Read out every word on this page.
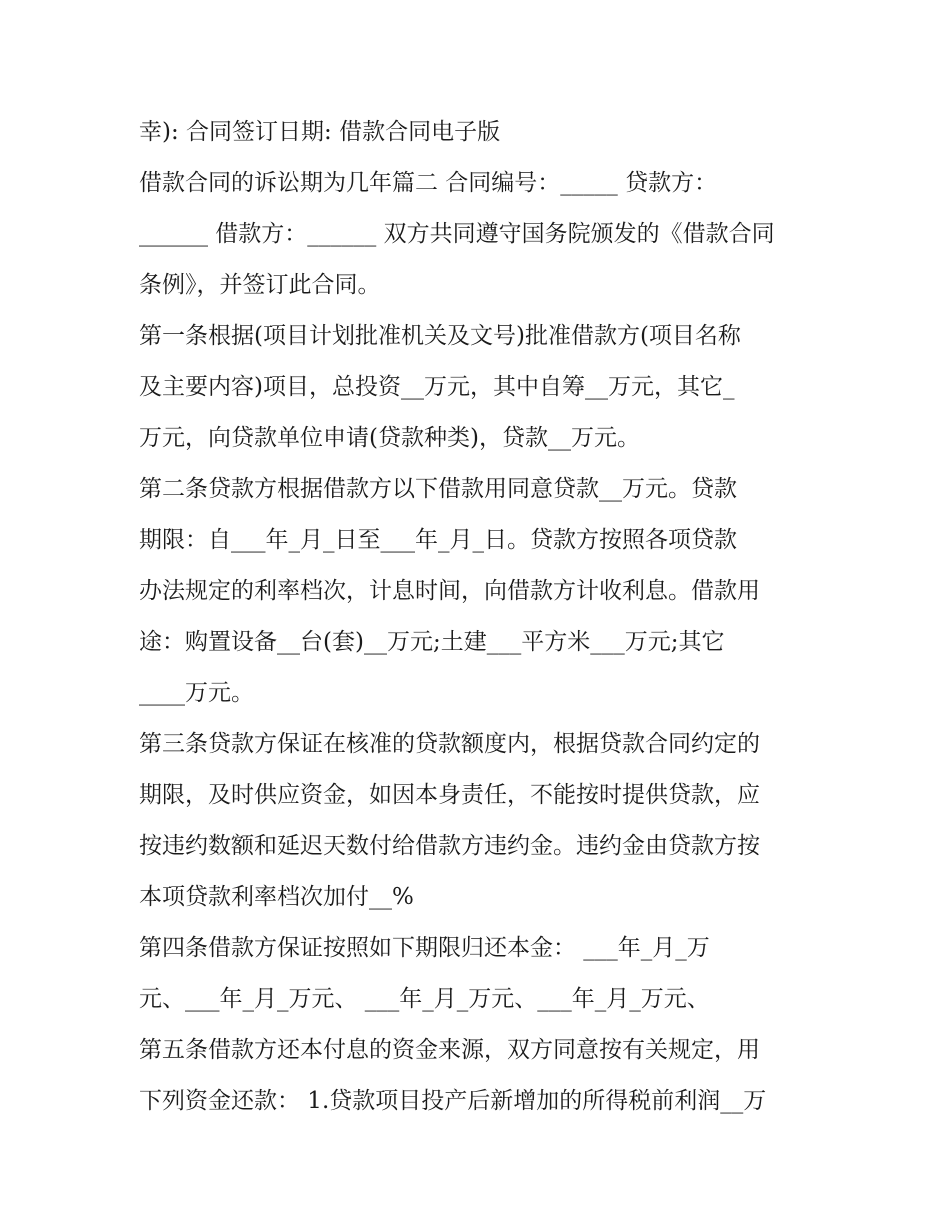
幸): 合同签订日期: 借款合同电子版
借款合同的诉讼期为几年篇二 合同编号：_____ 贷款方：
______ 借款方：______ 双方共同遵守国务院颁发的《借款合同
条例》，并签订此合同。
第一条根据(项目计划批准机关及文号)批准借款方(项目名称
及主要内容)项目，总投资__万元，其中自筹__万元，其它_
万元，向贷款单位申请(贷款种类)，贷款__万元。
第二条贷款方根据借款方以下借款用同意贷款__万元。贷款
期限：自___年_月_日至___年_月_日。贷款方按照各项贷款
办法规定的利率档次，计息时间，向借款方计收利息。借款用
途：购置设备__台(套)__万元;土建___平方米___万元;其它
____万元。
第三条贷款方保证在核准的贷款额度内，根据贷款合同约定的
期限，及时供应资金，如因本身责任，不能按时提供贷款，应
按违约数额和延迟天数付给借款方违约金。违约金由贷款方按
本项贷款利率档次加付__%
第四条借款方保证按照如下期限归还本金： ___年_月_万
元、___年_月_万元、 ___年_月_万元、___年_月_万元、
第五条借款方还本付息的资金来源，双方同意按有关规定，用
下列资金还款： 1.贷款项目投产后新增加的所得税前利润__万
